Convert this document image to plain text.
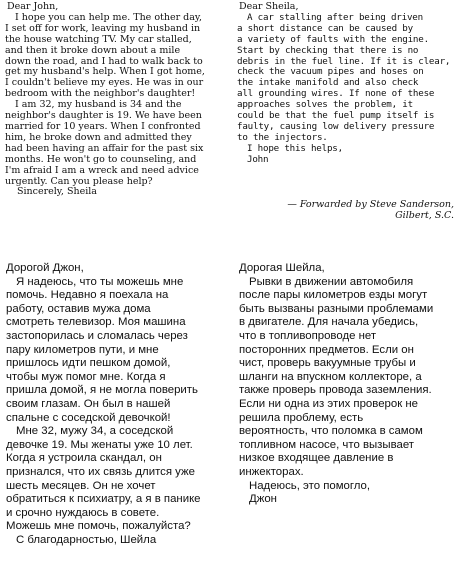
Dear John,
I hope you can help me. The other day,
I set off for work, leaving my husband in
the house watching TV. My car stalled,
and then it broke down about a mile
down the road, and I had to walk back to
get my husband's help. When I got home,
I couldn't believe my eyes. He was in our
bedroom with the neighbor's daughter!
I am 32, my husband is 34 and the
neighbor's daughter is 19. We have been
married for 10 years. When I confronted
him, he broke down and admitted they
had been having an affair for the past six
months. He won't go to counseling, and
I'm afraid I am a wreck and need advice
urgently. Can you please help?
Sincerely, Sheila
Dear Sheila,
A car stalling after being driven
a short distance can be caused by
a variety of faults with the engine.
Start by checking that there is no
debris in the fuel line. If it is clear,
check the vacuum pipes and hoses on
the intake manifold and also check
all grounding wires. If none of these
approaches solves the problem, it
could be that the fuel pump itself is
faulty, causing low delivery pressure
to the injectors.
I hope this helps,
John
— Forwarded by Steve Sanderson,
Gilbert, S.C.
Дорогой Джон,
Я надеюсь, что ты можешь мне
помочь. Недавно я поехала на
работу, оставив мужа дома
смотреть телевизор. Моя машина
застопорилась и сломалась через
пару километров пути, и мне
пришлось идти пешком домой,
чтобы муж помог мне. Когда я
пришла домой, я не могла поверить
своим глазам. Он был в нашей
спальне с соседской девочкой!
Мне 32, мужу 34, а соседской
девочке 19. Мы женаты уже 10 лет.
Когда я устроила скандал, он
признался, что их связь длится уже
шесть месяцев. Он не хочет
обратиться к психиатру, а я в панике
и срочно нуждаюсь в совете.
Можешь мне помочь, пожалуйста?
С благодарностью, Шейла
Дорогая Шейла,
Рывки в движении автомобиля
после пары километров езды могут
быть вызваны разными проблемами
в двигателе. Для начала убедись,
что в топливопроводе нет
посторонних предметов. Если он
чист, проверь вакуумные трубы и
шланги на впускном коллекторе, а
также проверь провода заземления.
Если ни одна из этих проверок не
решила проблему, есть
вероятность, что поломка в самом
топливном насосе, что вызывает
низкое входящее давление в
инжекторах.
Надеюсь, это помогло,
Джон
